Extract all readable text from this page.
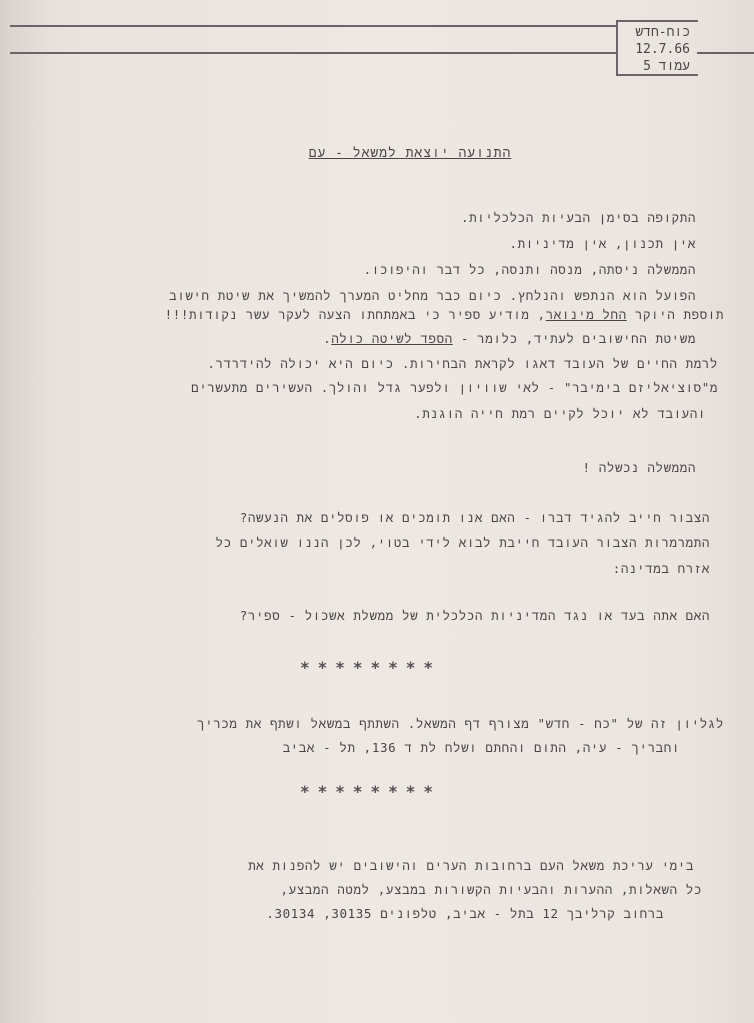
כוח-חדש
12.7.66
עמוד 5
התנועה יוצאת למשאל - עם
התקופה בסימן הבעיות הכלכליות.
אין תכנון, אין מדיניות.
הממשלה ניסתה, מנסה ותנסה, כל דבר והיפוכו.
הפועל הוא הנתפש והנלחץ. כיום כבר מחליט המערך להמשיך את שיטת חישוב
תוספת היוקר החל מינואר, מודיע ספיר כי באמתחתו הצעה לעקר עשר נקודות!!!
משיטת החישובים לעתיד, כלומר - הספד לשיטה כולה.
לרמת החיים של העובד דאגו לקראת הבחירות. כיום היא יכולה להידרדר.
מ"סוציאליזם בימיבר" - לאי שוויון ולפער גדל והולך. העשירים מתעשרים
והעובד לא יוכל לקיים רמת חייה הוגנת.
הממשלה נכשלה !
הצבור חייב להגיד דברו - האם אנו תומכים או פוסלים את הנעשה?
התמרמרות הצבור העובד חייבת לבוא לידי בטוי, לכן הננו שואלים כל
אזרח במדינה:
האם אתה בעד או נגד המדיניות הכלכלית של ממשלת אשכול - ספיר?
********
לגליון זה של "כח - חדש" מצורף דף המשאל. השתתף במשאל ושתף את מכריך
וחבריך - עיה, התום והחתם ושלח לת ד 136, תל - אביב
********
בימי עריכת משאל העם ברחובות הערים והישובים יש להפנות את
כל השאלות, ההערות והבעיות הקשורות במבצע, למטה המבצע,
ברחוב קרליבך 12 בתל - אביב, טלפונים 30135, 30134.
